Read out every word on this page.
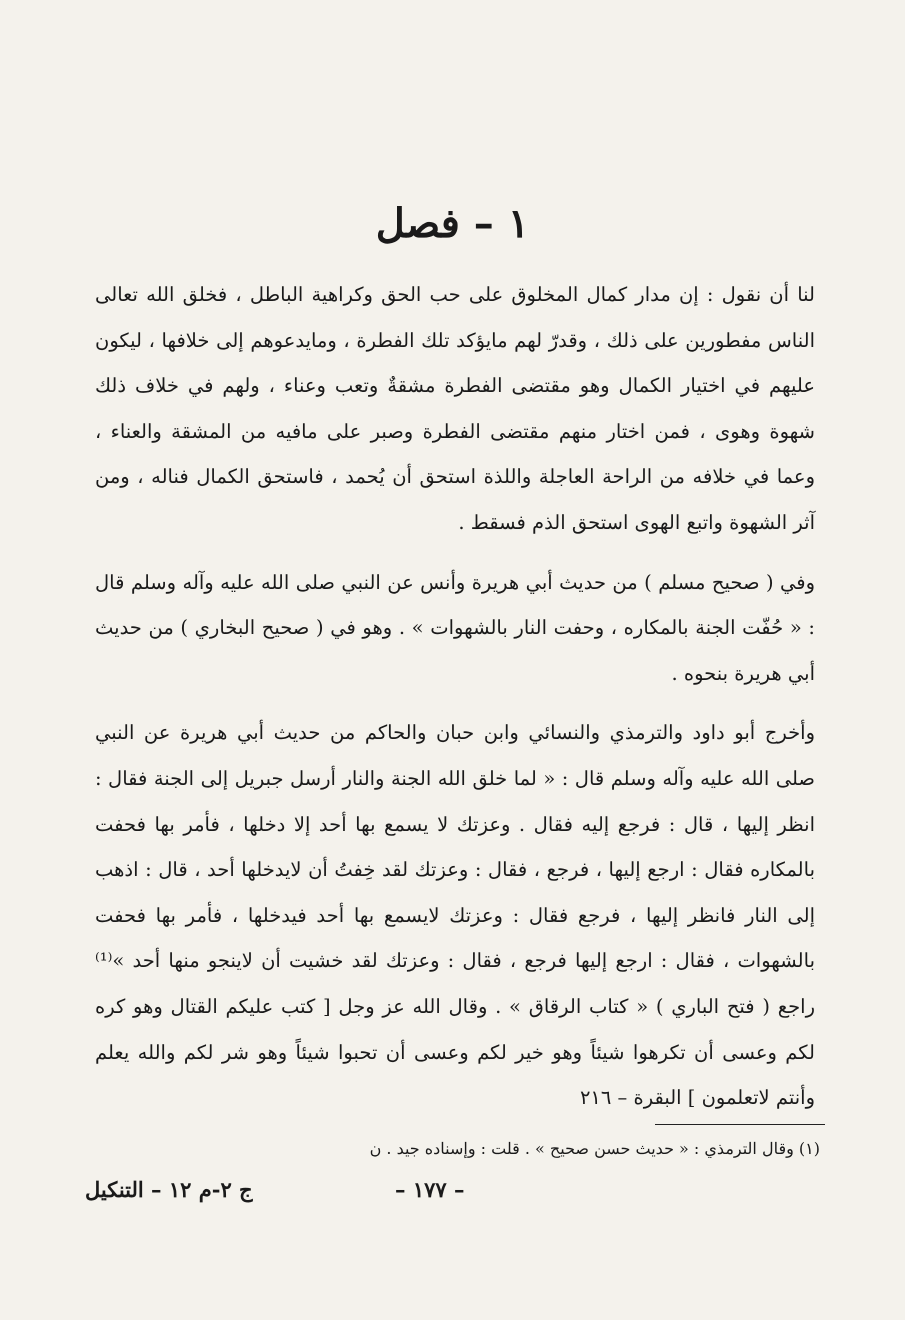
١ – فصل

لنا أن نقول : إن مدار كمال المخلوق على حب الحق وكراهية الباطل ، فخلق الله تعالى الناس مفطورين على ذلك ، وقدرّ لهم مايؤكد تلك الفطرة ، ومايدعوهم إلى خلافها ، ليكون عليهم في اختيار الكمال وهو مقتضى الفطرة مشقةٌ وتعب وعناء ، ولهم في خلاف ذلك شهوة وهوى ، فمن اختار منهم مقتضى الفطرة وصبر على مافيه من المشقة والعناء ، وعما في خلافه من الراحة العاجلة واللذة استحق أن يُحمد ، فاستحق الكمال فناله ، ومن آثر الشهوة واتبع الهوى استحق الذم فسقط .

وفي ( صحيح مسلم ) من حديث أبي هريرة وأنس عن النبي صلى الله عليه وآله وسلم قال : « حُفّت الجنة بالمكاره ، وحفت النار بالشهوات » . وهو في ( صحيح البخاري ) من حديث أبي هريرة بنحوه .

وأخرج أبو داود والترمذي والنسائي وابن حبان والحاكم من حديث أبي هريرة عن النبي صلى الله عليه وآله وسلم قال : « لما خلق الله الجنة والنار أرسل جبريل إلى الجنة فقال : انظر إليها ، قال : فرجع إليه فقال . وعزتك لا يسمع بها أحد إلا دخلها ، فأمر بها فحفت بالمكاره فقال : ارجع إليها ، فرجع ، فقال : وعزتك لقد خِفتُ أن لايدخلها أحد ، قال : اذهب إلى النار فانظر إليها ، فرجع فقال : وعزتك لايسمع بها أحد فيدخلها ، فأمر بها فحفت بالشهوات ، فقال : ارجع إليها فرجع ، فقال : وعزتك لقد خشيت أن لاينجو منها أحد »⁽¹⁾ راجع ( فتح الباري ) « كتاب الرقاق » . وقال الله عز وجل [ كتب عليكم القتال وهو كره لكم وعسى أن تكرهوا شيئاً وهو خير لكم وعسى أن تحبوا شيئاً وهو شر لكم والله يعلم وأنتم لاتعلمون ] البقرة – ٢١٦

(١) وقال الترمذي : « حديث حسن صحيح » . قلت : وإسناده جيد . ن
ج ٢-م ١٢ – التنكيل	– ١٧٧ –
